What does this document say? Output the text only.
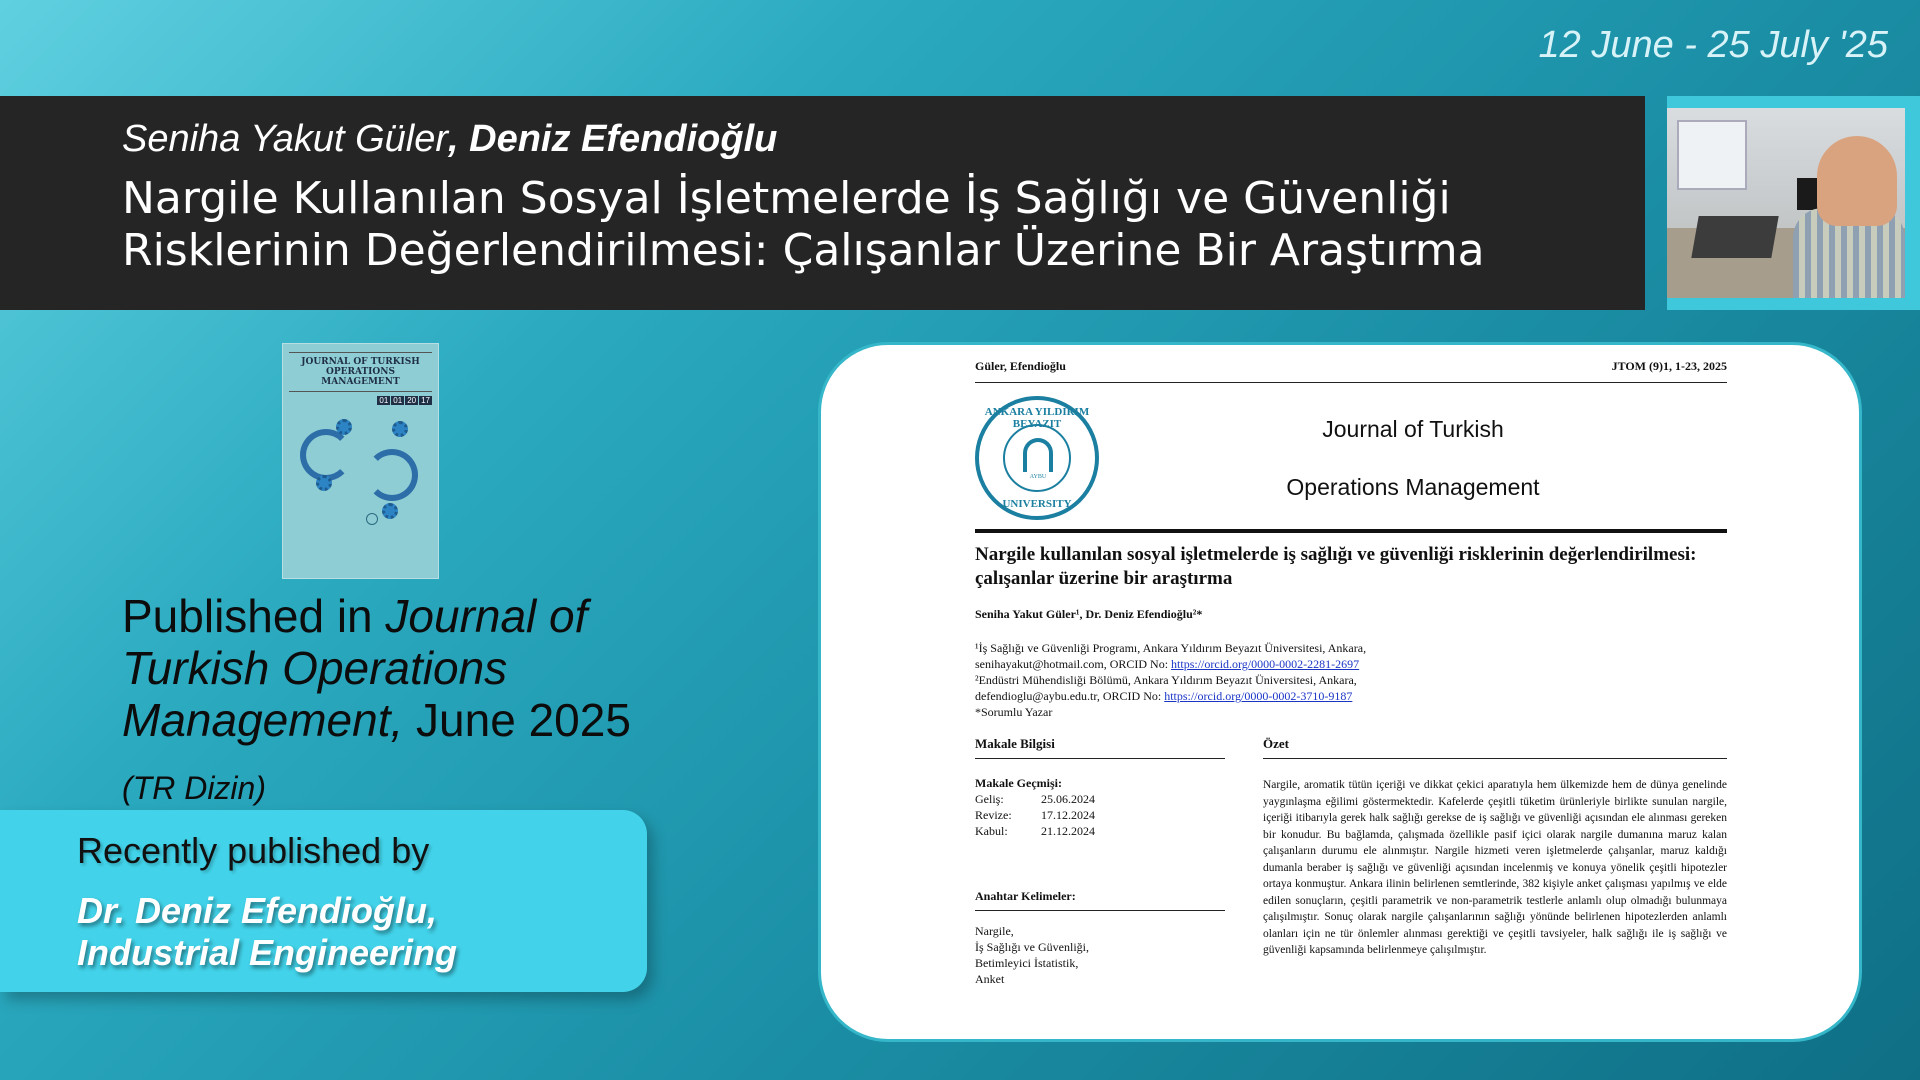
12 June - 25 July '25
Seniha Yakut Güler, Deniz Efendioğlu
Nargile Kullanılan Sosyal İşletmelerde İş Sağlığı ve Güvenliği
Risklerinin Değerlendirilmesi: Çalışanlar Üzerine Bir Araştırma
JOURNAL OF TURKISH OPERATIONS MANAGEMENT
01 01 20 17
Published in Journal of
Turkish Operations
Management, June 2025
(TR Dizin)
Recently published by
Dr. Deniz Efendioğlu,
Industrial Engineering
Güler, Efendioğlu	JTOM (9)1, 1-23, 2025
ANKARA YILDIRIM BEYAZIT
AYBU
UNIVERSITY
Journal of Turkish
Operations Management
Nargile kullanılan sosyal işletmelerde iş sağlığı ve güvenliği risklerinin değerlendirilmesi: çalışanlar üzerine bir araştırma
Seniha Yakut Güler¹, Dr. Deniz Efendioğlu²*
¹İş Sağlığı ve Güvenliği Programı, Ankara Yıldırım Beyazıt Üniversitesi, Ankara,
senihayakut@hotmail.com, ORCID No: https://orcid.org/0000-0002-2281-2697
²Endüstri Mühendisliği Bölümü, Ankara Yıldırım Beyazıt Üniversitesi, Ankara,
defendioglu@aybu.edu.tr, ORCID No: https://orcid.org/0000-0002-3710-9187
*Sorumlu Yazar
Makale Bilgisi
Makale Geçmişi:
Geliş:	25.06.2024
Revize: 17.12.2024
Kabul:	21.12.2024
Anahtar Kelimeler:
Nargile,
İş Sağlığı ve Güvenliği,
Betimleyici İstatistik,
Anket
Özet
Nargile, aromatik tütün içeriği ve dikkat çekici aparatıyla hem ülkemizde hem de dünya genelinde yaygınlaşma eğilimi göstermektedir. Kafelerde çeşitli tüketim ürünleriyle birlikte sunulan nargile, içeriği itibarıyla gerek halk sağlığı gerekse de iş sağlığı ve güvenliği açısından ele alınması gereken bir konudur. Bu bağlamda, çalışmada özellikle pasif içici olarak nargile dumanına maruz kalan çalışanların durumu ele alınmıştır. Nargile hizmeti veren işletmelerde çalışanlar, maruz kaldığı dumanla beraber iş sağlığı ve güvenliği açısından incelenmiş ve konuya yönelik çeşitli hipotezler ortaya konmuştur. Ankara ilinin belirlenen semtlerinde, 382 kişiyle anket çalışması yapılmış ve elde edilen sonuçların, çeşitli parametrik ve non-parametrik testlerle anlamlı olup olmadığı bulunmaya çalışılmıştır. Sonuç olarak nargile çalışanlarının sağlığı yönünde belirlenen hipotezlerden anlamlı olanları için ne tür önlemler alınması gerektiği ve çeşitli tavsiyeler, halk sağlığı ile iş sağlığı ve güvenliği kapsamında belirlenmeye çalışılmıştır.
